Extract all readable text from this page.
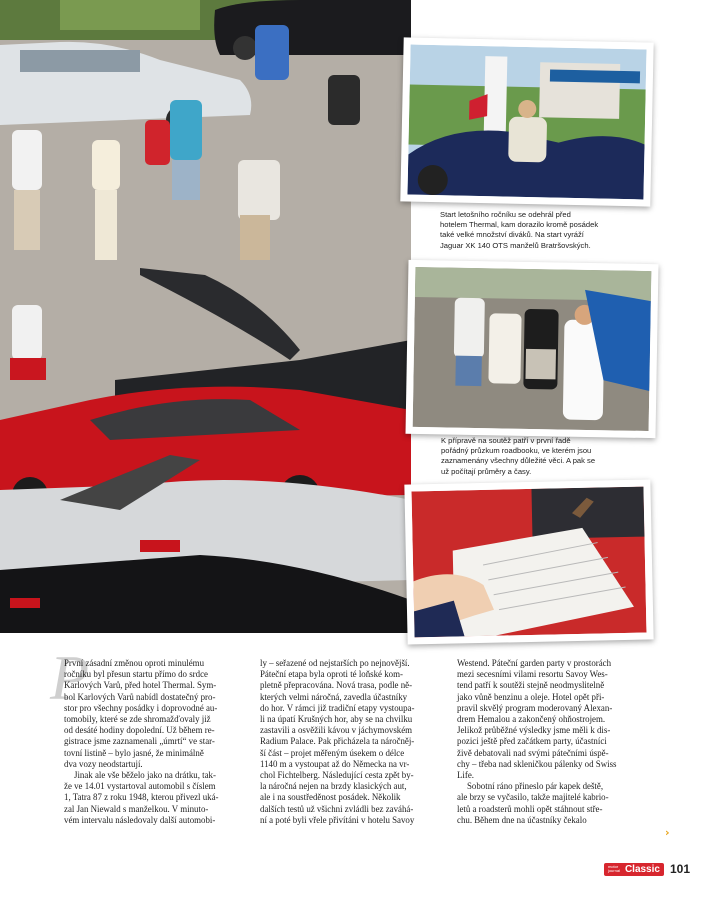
Start letošního ročníku se odehrál před
hotelem Thermal, kam dorazilo kromě posádek
také velké množství diváků. Na start vyráží
Jaguar XK 140 OTS manželů Bratršovských.
K přípravě na soutěž patří v první řadě
pořádný průzkum roadbooku, ve kterém jsou
zaznamenány všechny důležité věci. A pak se
už počítají průměry a časy.
P

První zásadní změnou oproti minulému
ročníku byl přesun startu přímo do srdce
Karlových Varů, před hotel Thermal. Sym-
bol Karlových Varů nabídl dostatečný pro-
stor pro všechny posádky i doprovodné au-
tomobily, které se zde shromažďovaly již
od desáté hodiny dopolední. Už během re-
gistrace jsme zaznamenali „úmrtí“ ve star-
tovní listině – bylo jasné, že minimálně
dva vozy neodstartují.

Jinak ale vše běželo jako na drátku, tak-
že ve 14.01 vystartoval automobil s číslem
1, Tatra 87 z roku 1948, kterou přivezl uká-
zal Jan Niewald s manželkou. V minuto-
vém intervalu následovaly další automobi-

ly – seřazené od nejstarších po nejnovější.
Páteční etapa byla oproti té loňské kom-
pletně přepracována. Nová trasa, podle ně-
kterých velmi náročná, zavedla účastníky
do hor. V rámci již tradiční etapy vystoupa-
li na úpatí Krušných hor, aby se na chvilku
zastavili a osvěžili kávou v jáchymovském
Radium Palace. Pak přicházela ta náročněj-
ší část – projet měřeným úsekem o délce
1140 m a vystoupat až do Německa na vr-
chol Fichtelberg. Následující cesta zpět by-
la náročná nejen na brzdy klasických aut,
ale i na soustředěnost posádek. Několik
dalších testů už všichni zvládli bez zaváhá-
ní a poté byli vřele přivítáni v hotelu Savoy

Westend. Páteční garden party v prostorách
mezi secesními vilami resortu Savoy Wes-
tend patří k soutěži stejně neodmyslitelně
jako vůně benzinu a oleje. Hotel opět při-
pravil skvělý program moderovaný Alexan-
drem Hemalou a zakončený ohňostrojem.
Jelikož průběžné výsledky jsme měli k dis-
pozici ještě před začátkem party, účastníci
živě debatovali nad svými pátečními úspě-
chy – třeba nad skleničkou pálenky od Swiss
Life.

Sobotní ráno přineslo pár kapek deště,
ale brzy se vyčasilo, takže majitelé kabrio-
letů a roadsterů mohli opět stáhnout stře-
chu. Během dne na účastníky čekalo

›
motor journal Classic 101
